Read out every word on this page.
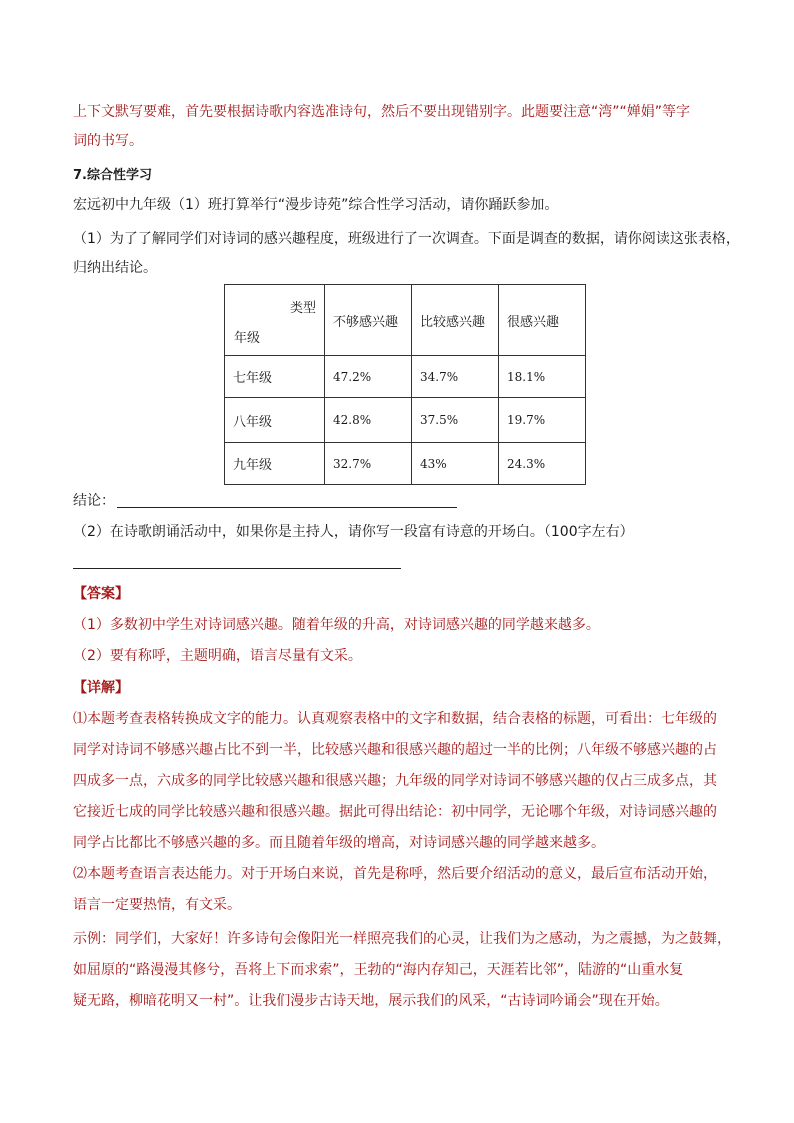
上下文默写要难，首先要根据诗歌内容选准诗句，然后不要出现错别字。此题要注意“湾”“婵娟”等字
词的书写。
7.综合性学习
宏远初中九年级（1）班打算举行“漫步诗苑”综合性学习活动，请你踊跃参加。
（1）为了了解同学们对诗词的感兴趣程度，班级进行了一次调查。下面是调查的数据，请你阅读这张表格，
归纳出结论。
类型
年级	不够感兴趣	比较感兴趣	很感兴趣
七年级	47.2%	34.7%	18.1%
八年级	42.8%	37.5%	19.7%
九年级	32.7%	43%	24.3%
结论：
（2）在诗歌朗诵活动中，如果你是主持人，请你写一段富有诗意的开场白。（100字左右）
【答案】
（1）多数初中学生对诗词感兴趣。随着年级的升高，对诗词感兴趣的同学越来越多。
（2）要有称呼，主题明确，语言尽量有文采。
【详解】
⑴本题考查表格转换成文字的能力。认真观察表格中的文字和数据，结合表格的标题，可看出：七年级的
同学对诗词不够感兴趣占比不到一半，比较感兴趣和很感兴趣的超过一半的比例；八年级不够感兴趣的占
四成多一点，六成多的同学比较感兴趣和很感兴趣；九年级的同学对诗词不够感兴趣的仅占三成多点，其
它接近七成的同学比较感兴趣和很感兴趣。据此可得出结论：初中同学，无论哪个年级，对诗词感兴趣的
同学占比都比不够感兴趣的多。而且随着年级的增高，对诗词感兴趣的同学越来越多。
⑵本题考查语言表达能力。对于开场白来说，首先是称呼，然后要介绍活动的意义，最后宣布活动开始，
语言一定要热情，有文采。
示例：同学们，大家好！许多诗句会像阳光一样照亮我们的心灵，让我们为之感动，为之震撼，为之鼓舞，
如屈原的“路漫漫其修兮，吾将上下而求索”，王勃的“海内存知己，天涯若比邻”，陆游的“山重水复
疑无路，柳暗花明又一村”。让我们漫步古诗天地，展示我们的风采，“古诗词吟诵会”现在开始。
